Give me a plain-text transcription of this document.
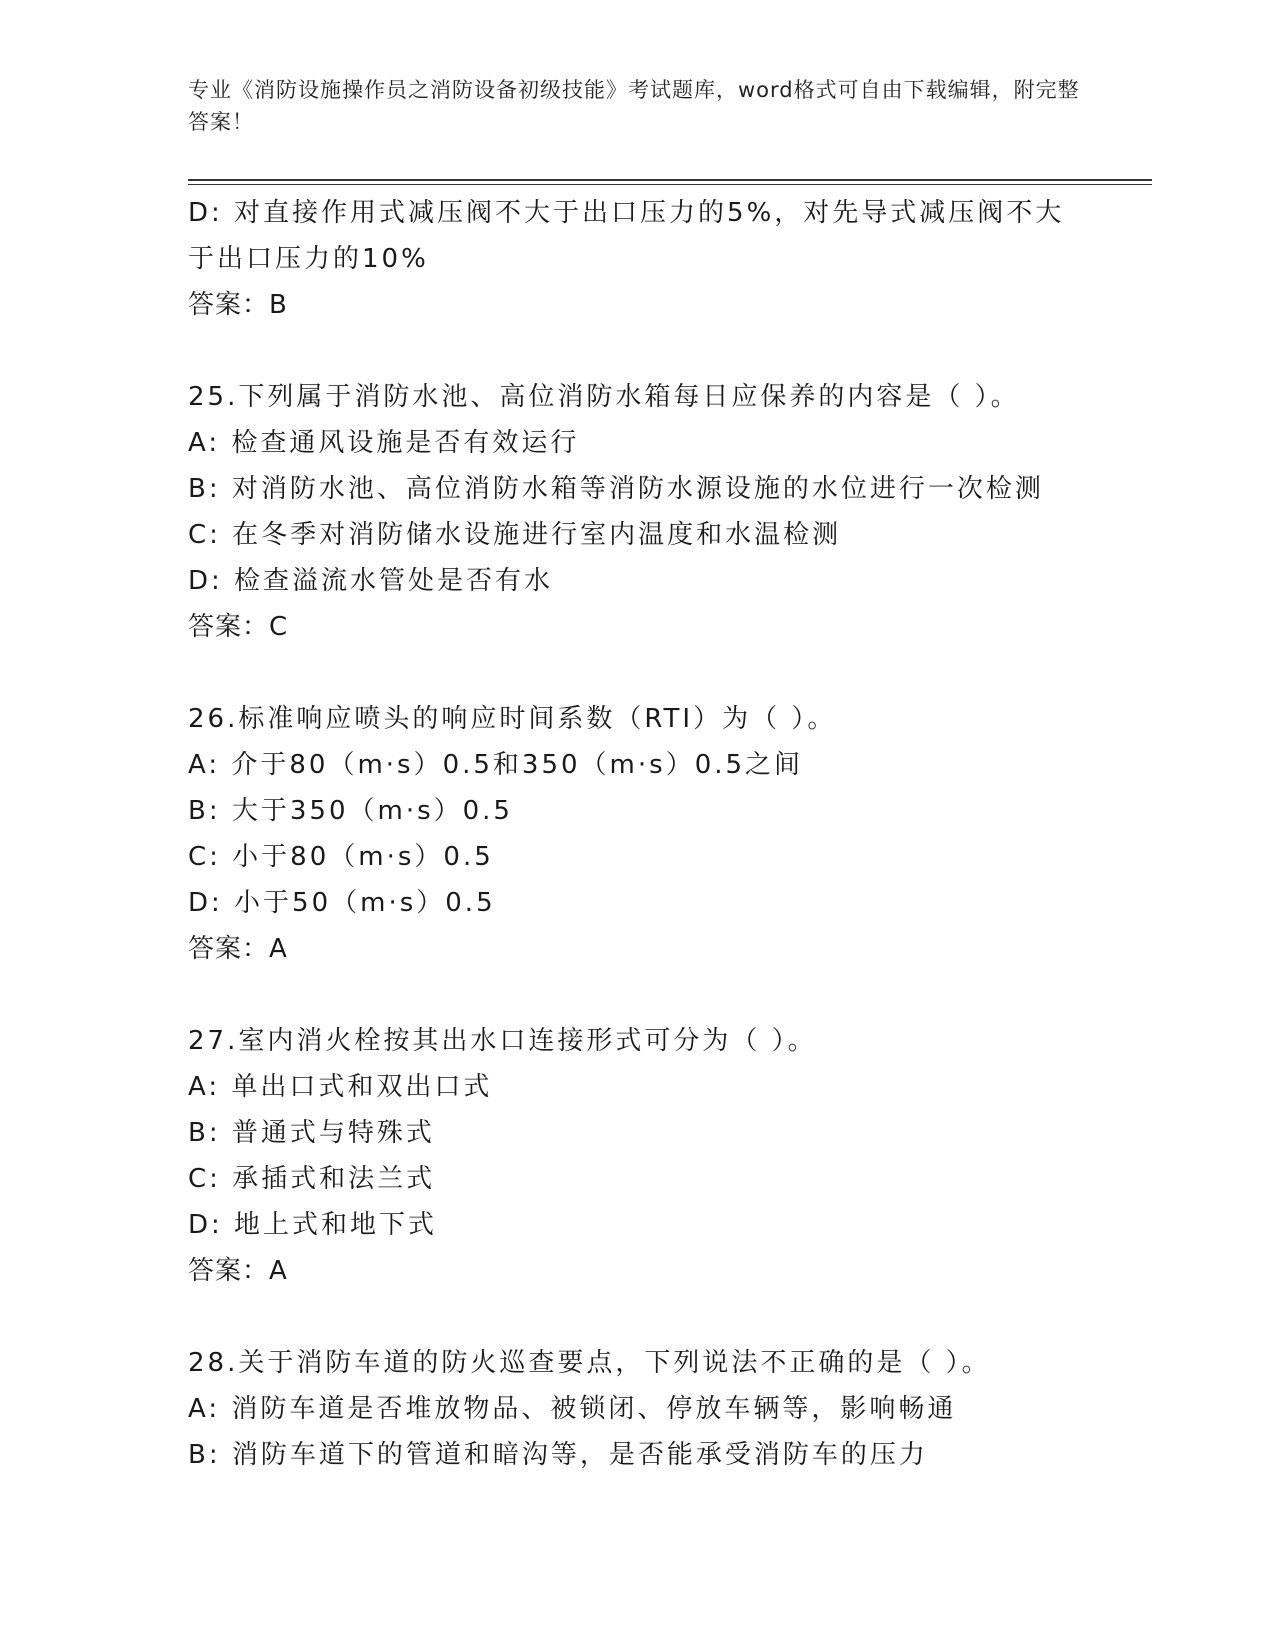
专业《消防设施操作员之消防设备初级技能》考试题库，word格式可自由下载编辑，附完整答案！

D: 对直接作用式减压阀不大于出口压力的5%，对先导式减压阀不大于出口压力的10%

答案：B

25.下列属于消防水池、高位消防水箱每日应保养的内容是（ ）。

A: 检查通风设施是否有效运行

B: 对消防水池、高位消防水箱等消防水源设施的水位进行一次检测

C: 在冬季对消防储水设施进行室内温度和水温检测

D: 检查溢流水管处是否有水

答案：C

26.标准响应喷头的响应时间系数（RTI）为（ ）。

A: 介于80（m·s）0.5和350（m·s）0.5之间

B: 大于350（m·s）0.5

C: 小于80（m·s）0.5

D: 小于50（m·s）0.5

答案：A

27.室内消火栓按其出水口连接形式可分为（ ）。

A: 单出口式和双出口式

B: 普通式与特殊式

C: 承插式和法兰式

D: 地上式和地下式

答案：A

28.关于消防车道的防火巡查要点，下列说法不正确的是（ ）。

A: 消防车道是否堆放物品、被锁闭、停放车辆等，影响畅通

B: 消防车道下的管道和暗沟等，是否能承受消防车的压力
